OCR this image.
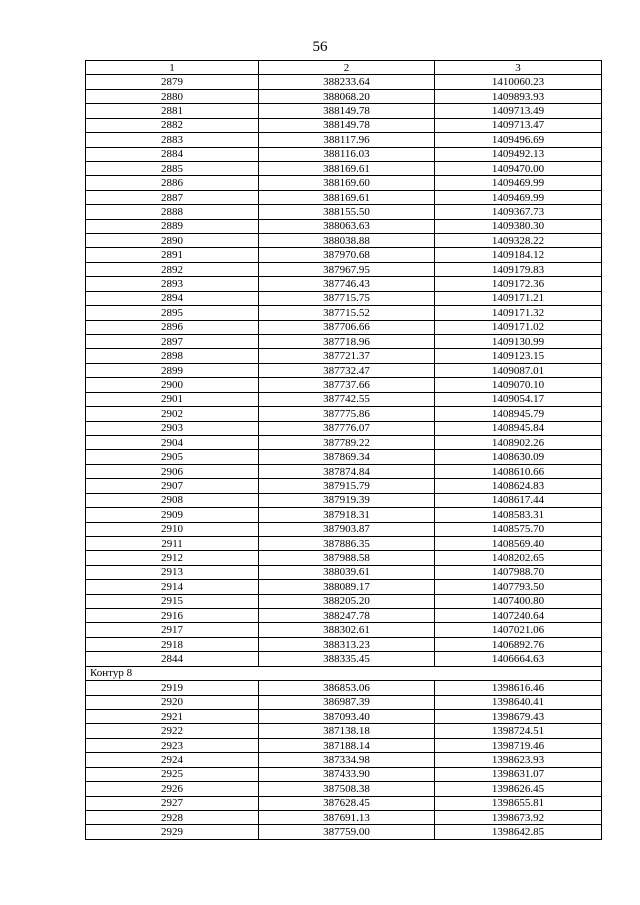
56
1	2	3
2879	388233.64	1410060.23
2880	388068.20	1409893.93
2881	388149.78	1409713.49
2882	388149.78	1409713.47
2883	388117.96	1409496.69
2884	388116.03	1409492.13
2885	388169.61	1409470.00
2886	388169.60	1409469.99
2887	388169.61	1409469.99
2888	388155.50	1409367.73
2889	388063.63	1409380.30
2890	388038.88	1409328.22
2891	387970.68	1409184.12
2892	387967.95	1409179.83
2893	387746.43	1409172.36
2894	387715.75	1409171.21
2895	387715.52	1409171.32
2896	387706.66	1409171.02
2897	387718.96	1409130.99
2898	387721.37	1409123.15
2899	387732.47	1409087.01
2900	387737.66	1409070.10
2901	387742.55	1409054.17
2902	387775.86	1408945.79
2903	387776.07	1408945.84
2904	387789.22	1408902.26
2905	387869.34	1408630.09
2906	387874.84	1408610.66
2907	387915.79	1408624.83
2908	387919.39	1408617.44
2909	387918.31	1408583.31
2910	387903.87	1408575.70
2911	387886.35	1408569.40
2912	387988.58	1408202.65
2913	388039.61	1407988.70
2914	388089.17	1407793.50
2915	388205.20	1407400.80
2916	388247.78	1407240.64
2917	388302.61	1407021.06
2918	388313.23	1406892.76
2844	388335.45	1406664.63
Контур 8		
2919	386853.06	1398616.46
2920	386987.39	1398640.41
2921	387093.40	1398679.43
2922	387138.18	1398724.51
2923	387188.14	1398719.46
2924	387334.98	1398623.93
2925	387433.90	1398631.07
2926	387508.38	1398626.45
2927	387628.45	1398655.81
2928	387691.13	1398673.92
2929	387759.00	1398642.85
